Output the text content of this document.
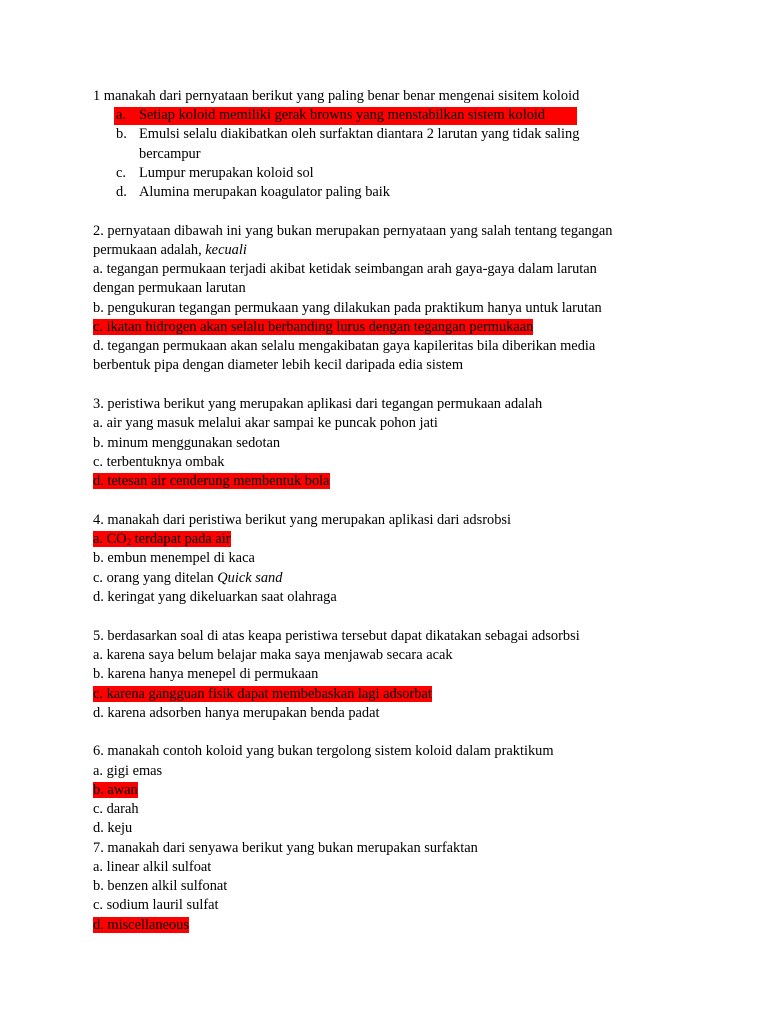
1 manakah dari pernyataan berikut yang paling benar benar mengenai sisitem koloid
a. Setiap koloid memiliki gerak browns yang menstabilkan sistem koloid
b. Emulsi selalu diakibatkan oleh surfaktan diantara 2 larutan yang tidak saling
bercampur
c. Lumpur merupakan koloid sol
d. Alumina merupakan koagulator paling baik
2. pernyataan dibawah ini yang bukan merupakan pernyataan yang salah tentang tegangan
permukaan adalah, kecuali
a. tegangan permukaan terjadi akibat ketidak seimbangan arah gaya-gaya dalam larutan
dengan permukaan larutan
b. pengukuran tegangan permukaan yang dilakukan pada praktikum hanya untuk larutan
c. ikatan hidrogen akan selalu berbanding lurus dengan tegangan permukaan
d. tegangan permukaan akan selalu mengakibatan gaya kapileritas bila diberikan media
berbentuk pipa dengan diameter lebih kecil daripada edia sistem
3. peristiwa berikut yang merupakan aplikasi dari tegangan permukaan adalah
a. air yang masuk melalui akar sampai ke puncak pohon jati
b. minum menggunakan sedotan
c. terbentuknya ombak
d. tetesan air cenderung membentuk bola
4. manakah dari peristiwa berikut yang merupakan aplikasi dari adsrobsi
a. $CO_2$ terdapat pada air
b. embun menempel di kaca
c. orang yang ditelan Quick sand
d. keringat yang dikeluarkan saat olahraga
5. berdasarkan soal di atas keapa peristiwa tersebut dapat dikatakan sebagai adsorbsi
a. karena saya belum belajar maka saya menjawab secara acak
b. karena hanya menepel di permukaan
c. karena gangguan fisik dapat membebaskan lagi adsorbat
d. karena adsorben hanya merupakan benda padat
6. manakah contoh koloid yang bukan tergolong sistem koloid dalam praktikum
a. gigi emas
b. awan
c. darah
d. keju
7. manakah dari senyawa berikut yang bukan merupakan surfaktan
a. linear alkil sulfoat
b. benzen alkil sulfonat
c. sodium lauril sulfat
d. miscellaneous
